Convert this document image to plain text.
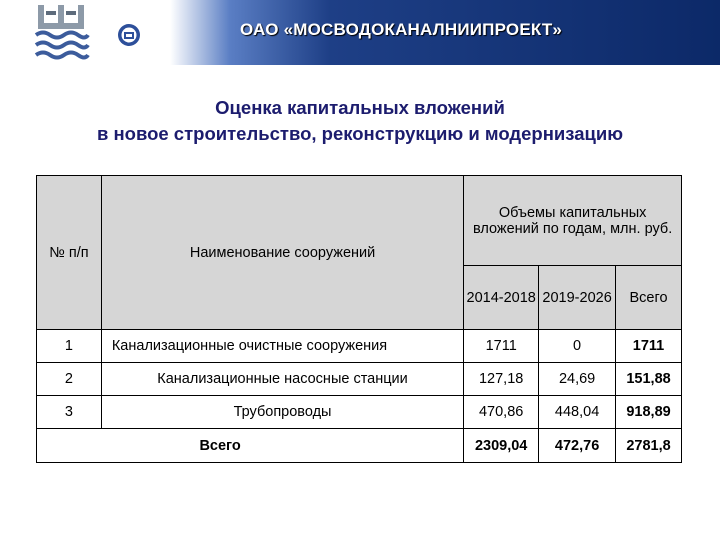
ОАО «МОСВОДОКАНАЛНИИПРОЕКТ»
Оценка капитальных вложений
в новое строительство, реконструкцию и модернизацию
№ п/п	Наименование сооружений	Объемы капитальных вложений по годам, млн. руб.		
		2014-2018	2019-2026	Всего
1	Канализационные очистные сооружения	1711	0	1711
2	Канализационные насосные станции	127,18	24,69	151,88
3	Трубопроводы	470,86	448,04	918,89
Всего		2309,04	472,76	2781,8
